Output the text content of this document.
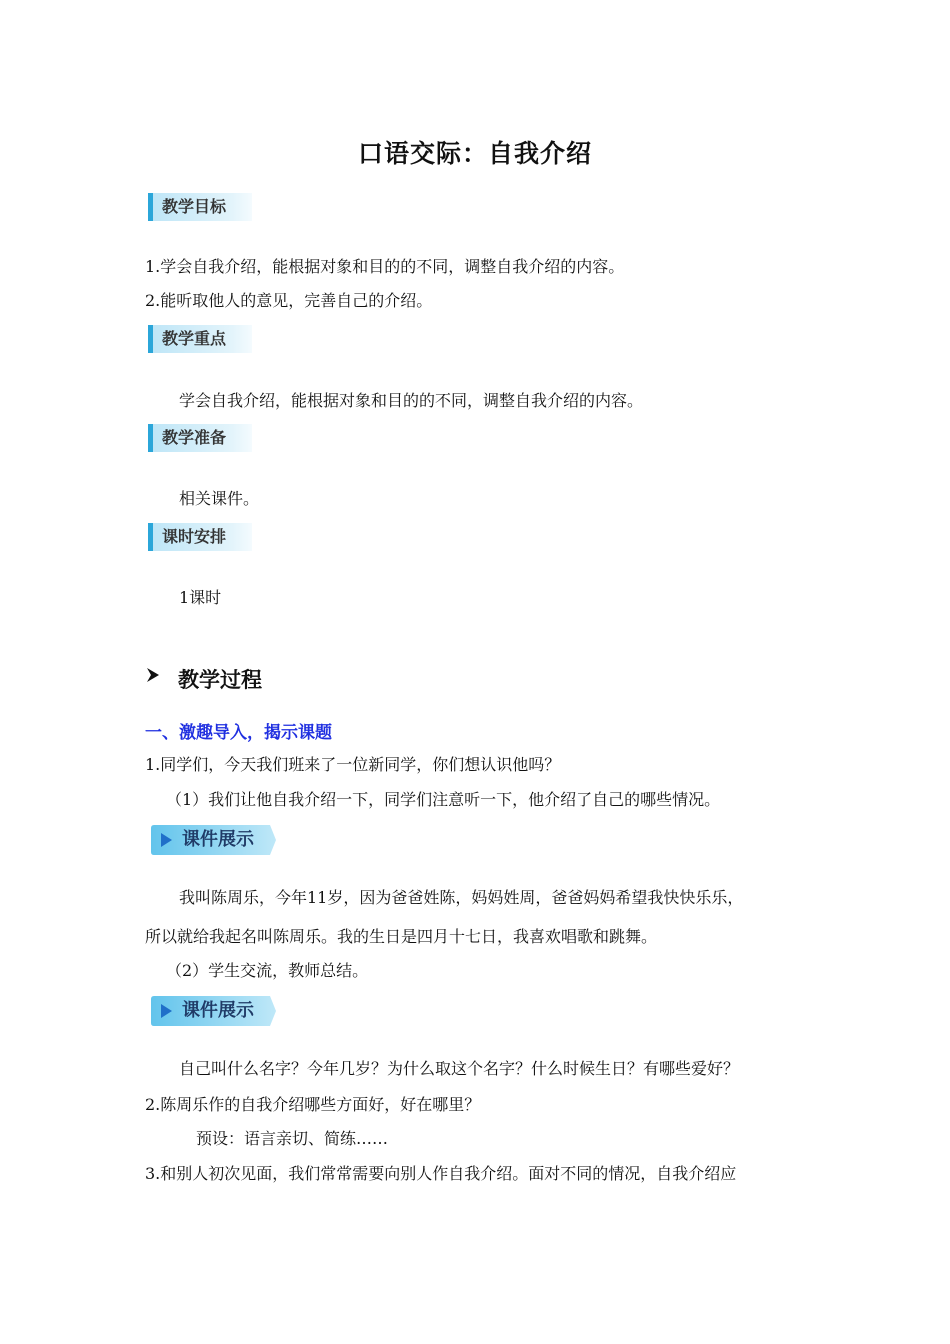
口语交际：自我介绍
教学目标
1.学会自我介绍，能根据对象和目的的不同，调整自我介绍的内容。
2.能听取他人的意见，完善自己的介绍。
教学重点
学会自我介绍，能根据对象和目的的不同，调整自我介绍的内容。
教学准备
相关课件。
课时安排
1课时
教学过程
一、激趣导入，揭示课题
1.同学们，今天我们班来了一位新同学，你们想认识他吗？
（1）我们让他自我介绍一下，同学们注意听一下，他介绍了自己的哪些情况。
课件展示
我叫陈周乐，今年11岁，因为爸爸姓陈，妈妈姓周，爸爸妈妈希望我快快乐乐，
所以就给我起名叫陈周乐。我的生日是四月十七日，我喜欢唱歌和跳舞。
（2）学生交流，教师总结。
课件展示
自己叫什么名字？今年几岁？为什么取这个名字？什么时候生日？有哪些爱好？
2.陈周乐作的自我介绍哪些方面好，好在哪里？
预设：语言亲切、简练……
3.和别人初次见面，我们常常需要向别人作自我介绍。面对不同的情况，自我介绍应
